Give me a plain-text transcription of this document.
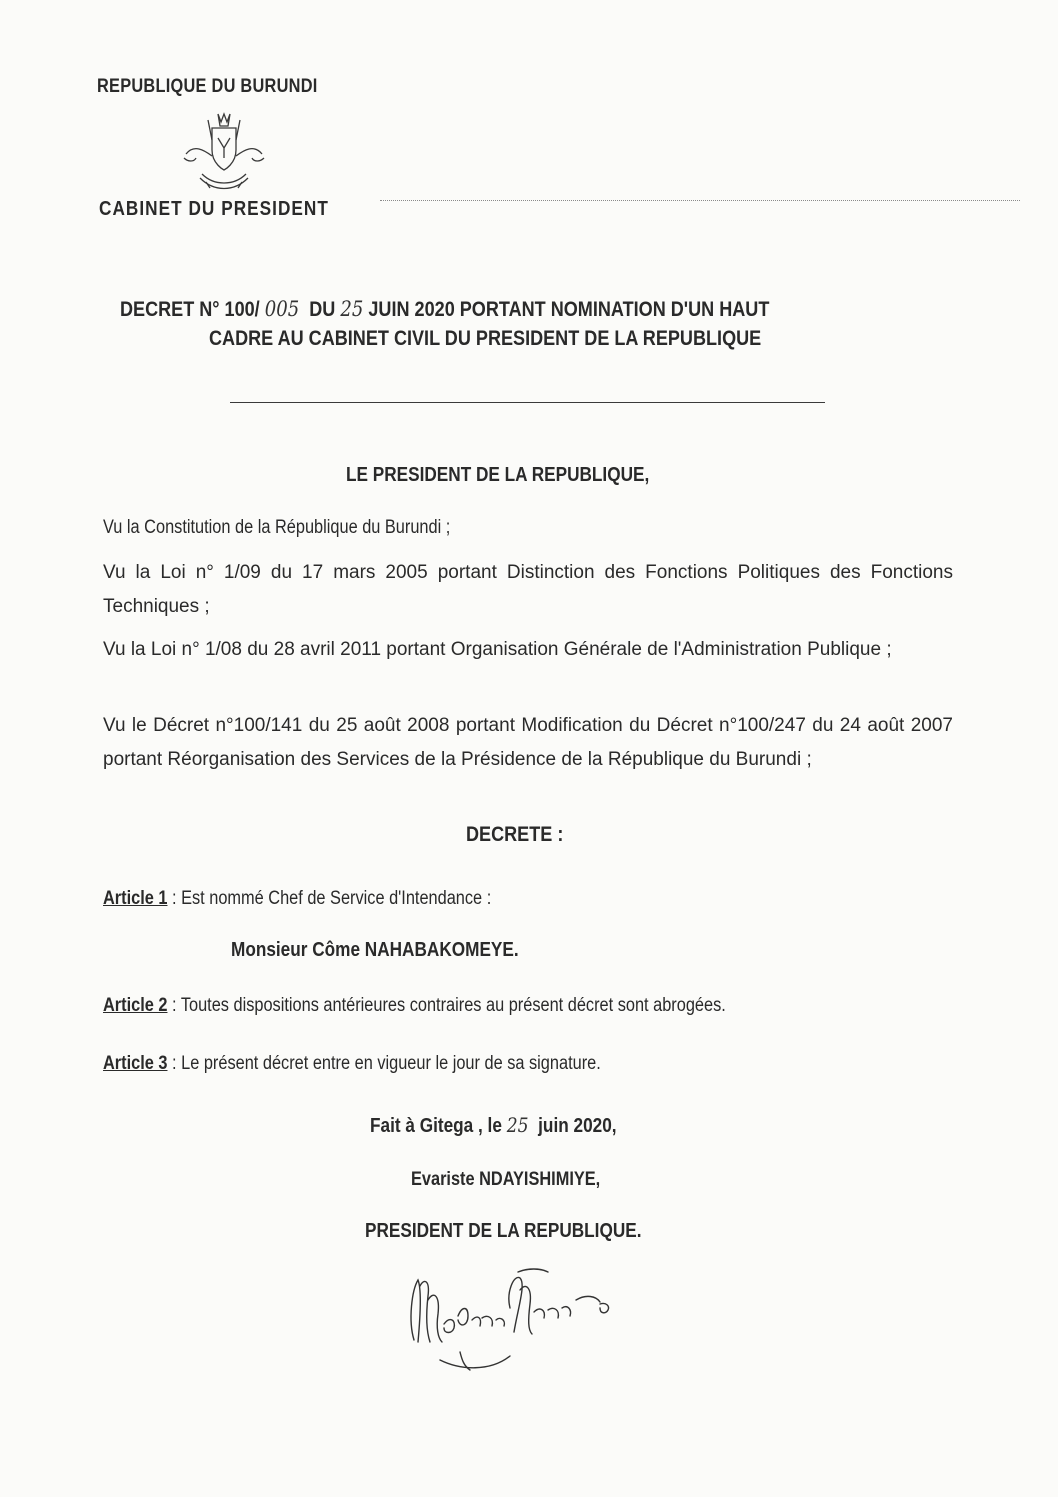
REPUBLIQUE DU BURUNDI
CABINET DU PRESIDENT
DECRET N° 100/ 005 DU 25 JUIN 2020 PORTANT NOMINATION D'UN HAUT
CADRE AU CABINET CIVIL DU PRESIDENT DE LA REPUBLIQUE
LE PRESIDENT DE LA REPUBLIQUE,
Vu la Constitution de la République du Burundi ;
Vu la Loi n° 1/09 du 17 mars 2005 portant Distinction des Fonctions Politiques des Fonctions Techniques ;
Vu la Loi n° 1/08 du 28 avril 2011 portant Organisation Générale de l'Administration Publique ;
Vu le Décret n°100/141 du 25 août 2008 portant Modification du Décret n°100/247 du 24 août 2007 portant Réorganisation des Services de la Présidence de la République du Burundi ;
DECRETE :
Article 1 : Est nommé Chef de Service d'Intendance :
Monsieur Côme NAHABAKOMEYE.
Article 2 : Toutes dispositions antérieures contraires au présent décret sont abrogées.
Article 3 : Le présent décret entre en vigueur le jour de sa signature.
Fait à Gitega , le 25 juin 2020,
Evariste NDAYISHIMIYE,
PRESIDENT DE LA REPUBLIQUE.
